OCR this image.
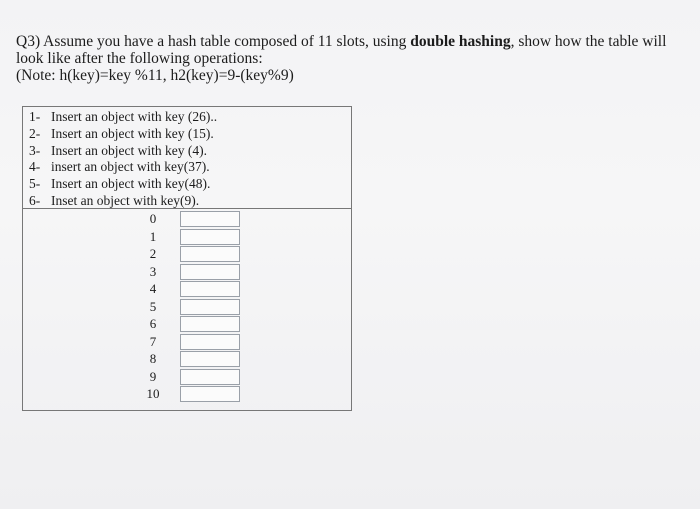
Q3) Assume you have a hash table composed of 11 slots, using double hashing, show how the table will look like after the following operations:
(Note: h(key)=key %11, h2(key)=9-(key%9)
1- Insert an object with key (26)..
2- Insert an object with key (15).
3- Insert an object with key (4).
4- insert an object with key(37).
5- Insert an object with key(48).
6- Inset an object with key(9).
0
1
2
3
4
5
6
7
8
9
10
